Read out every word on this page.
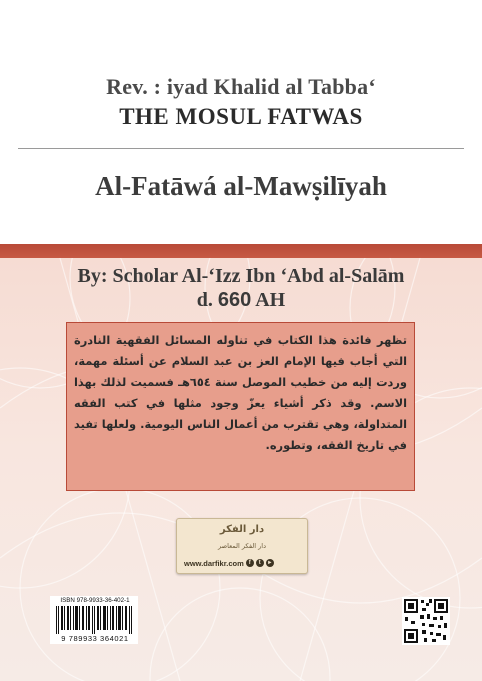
Rev. : iyad Khalid al Tabba‘
THE MOSUL FATWAS
Al-Fatāwá al-Mawṣilīyah
By: Scholar Al-‘Izz Ibn ‘Abd al-Salām
d. 660 AH
تظهر فائدة هذا الكتاب في تناوله المسائل الفقهية النادرة التي أجاب فيها الإمام العز بن عبد السلام عن أسئلة مهمة، وردت إليه من خطيب الموصل سنة ٦٥٤هـ فسميت لذلك بهذا الاسم. وقد ذكر أشياء يعزّ وجود مثلها في كتب الفقه المتداولة، وهي تقترب من أعمال الناس اليومية. ولعلها تفيد في تاريخ الفقه، وتطوره.
دار الفكر
دار الفكر المعاصر
www.darfikr.com f	t	▸
ISBN 978-9933-36-402-1
9 789933 364021
